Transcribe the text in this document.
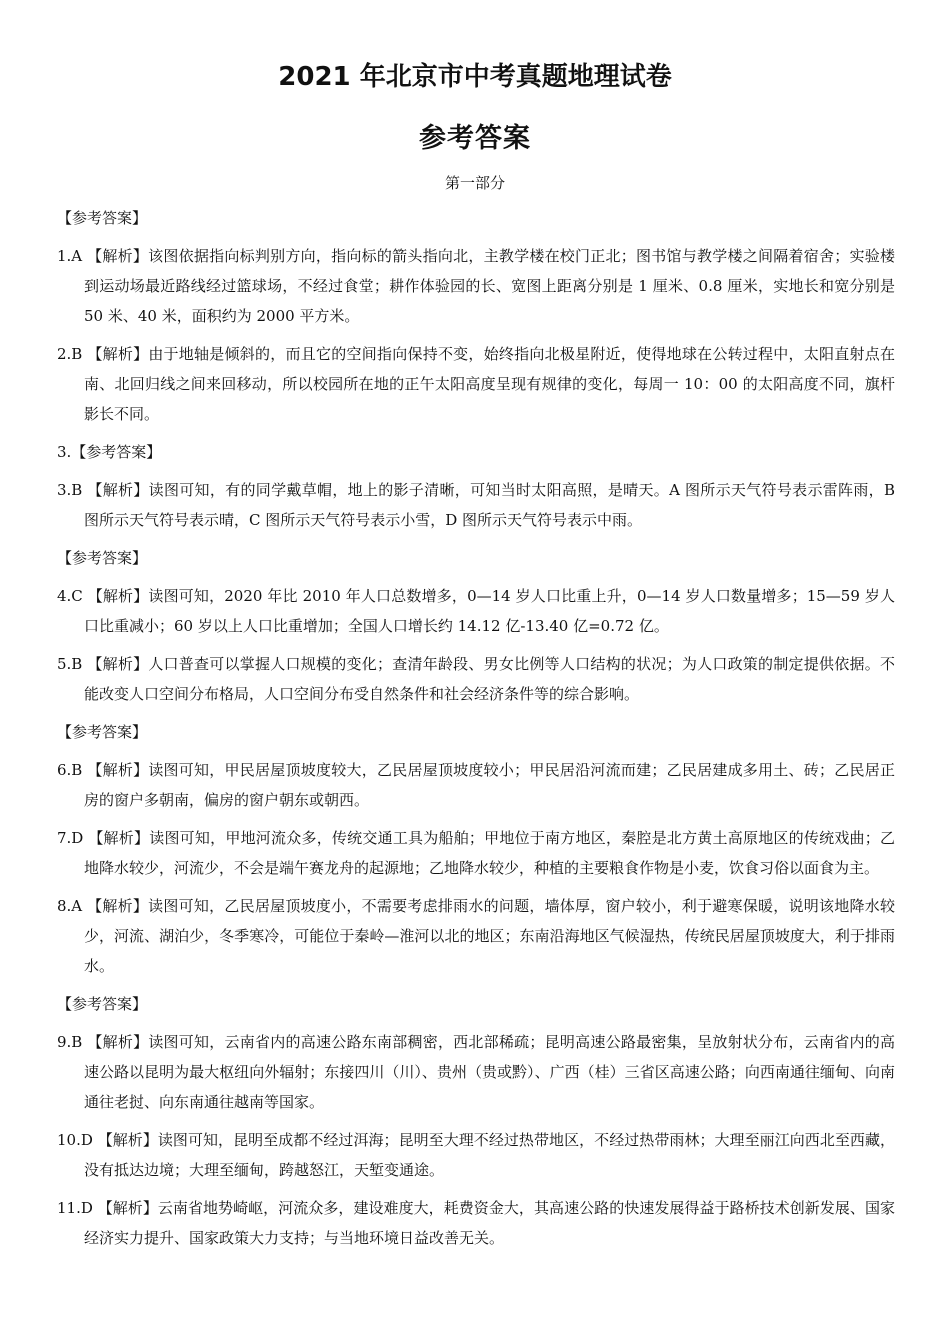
2021 年北京市中考真题地理试卷
参考答案
第一部分
【参考答案】
1.A 【解析】该图依据指向标判别方向，指向标的箭头指向北，主教学楼在校门正北；图书馆与教学楼之间隔着宿舍；实验楼到运动场最近路线经过篮球场，不经过食堂；耕作体验园的长、宽图上距离分别是 1 厘米、0.8 厘米，实地长和宽分别是 50 米、40 米，面积约为 2000 平方米。
2.B 【解析】由于地轴是倾斜的，而且它的空间指向保持不变，始终指向北极星附近，使得地球在公转过程中，太阳直射点在南、北回归线之间来回移动，所以校园所在地的正午太阳高度呈现有规律的变化，每周一 10：00 的太阳高度不同，旗杆影长不同。
3.【参考答案】
3.B 【解析】读图可知，有的同学戴草帽，地上的影子清晰，可知当时太阳高照，是晴天。A 图所示天气符号表示雷阵雨，B 图所示天气符号表示晴，C 图所示天气符号表示小雪，D 图所示天气符号表示中雨。
【参考答案】
4.C 【解析】读图可知，2020 年比 2010 年人口总数增多，0—14 岁人口比重上升，0—14 岁人口数量增多；15—59 岁人口比重减小；60 岁以上人口比重增加；全国人口增长约 14.12 亿-13.40 亿=0.72 亿。
5.B 【解析】人口普查可以掌握人口规模的变化；查清年龄段、男女比例等人口结构的状况；为人口政策的制定提供依据。不能改变人口空间分布格局，人口空间分布受自然条件和社会经济条件等的综合影响。
【参考答案】
6.B 【解析】读图可知，甲民居屋顶坡度较大，乙民居屋顶坡度较小；甲民居沿河流而建；乙民居建成多用土、砖；乙民居正房的窗户多朝南，偏房的窗户朝东或朝西。
7.D 【解析】读图可知，甲地河流众多，传统交通工具为船舶；甲地位于南方地区，秦腔是北方黄土高原地区的传统戏曲；乙地降水较少，河流少，不会是端午赛龙舟的起源地；乙地降水较少，种植的主要粮食作物是小麦，饮食习俗以面食为主。
8.A 【解析】读图可知，乙民居屋顶坡度小，不需要考虑排雨水的问题，墙体厚，窗户较小，利于避寒保暖，说明该地降水较少，河流、湖泊少，冬季寒冷，可能位于秦岭—淮河以北的地区；东南沿海地区气候湿热，传统民居屋顶坡度大，利于排雨水。
【参考答案】
9.B 【解析】读图可知，云南省内的高速公路东南部稠密，西北部稀疏；昆明高速公路最密集，呈放射状分布，云南省内的高速公路以昆明为最大枢纽向外辐射；东接四川（川）、贵州（贵或黔）、广西（桂）三省区高速公路；向西南通往缅甸、向南通往老挝、向东南通往越南等国家。
10.D 【解析】读图可知，昆明至成都不经过洱海；昆明至大理不经过热带地区，不经过热带雨林；大理至丽江向西北至西藏，没有抵达边境；大理至缅甸，跨越怒江，天堑变通途。
11.D 【解析】云南省地势崎岖，河流众多，建设难度大，耗费资金大，其高速公路的快速发展得益于路桥技术创新发展、国家经济实力提升、国家政策大力支持；与当地环境日益改善无关。
